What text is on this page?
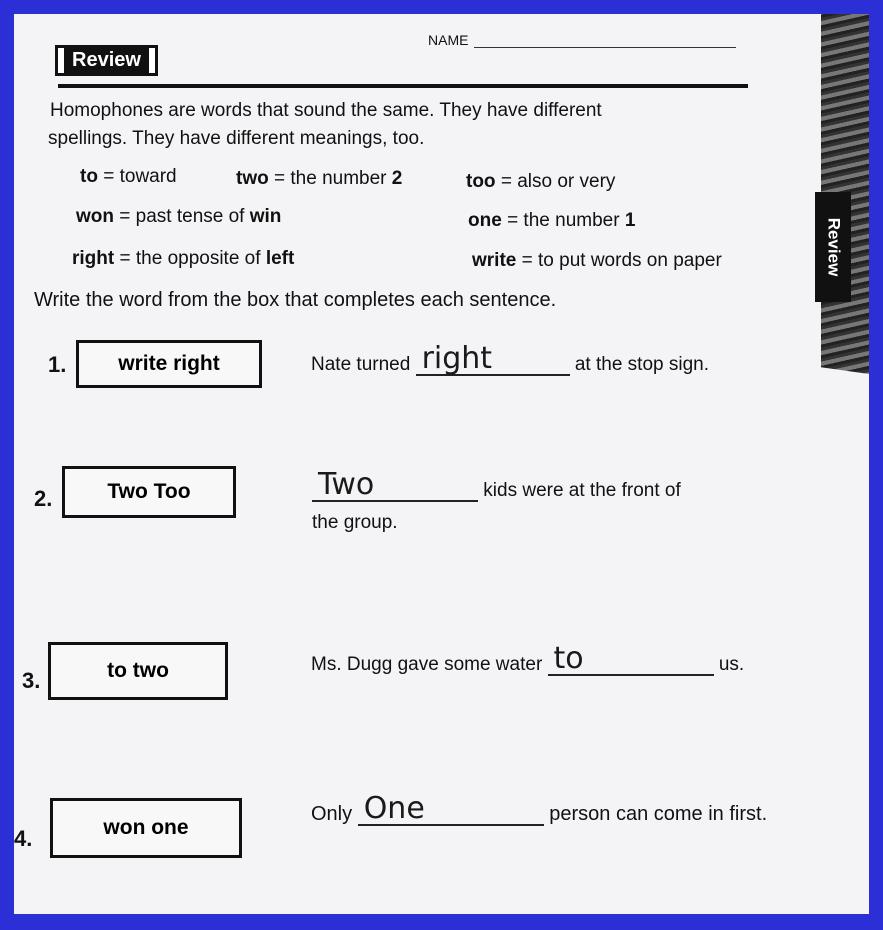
Review
Review
NAME
Homophones are words that sound the same. They have different
spellings. They have different meanings, too.
to = toward	two = the number 2	too = also or very
won = past tense of win	one = the number 1
right = the opposite of left	write = to put words on paper
Write the word from the box that completes each sentence.
1.	write right	Nate turned right	at the stop sign.
2.	Two Too	Two	kids were at the front of
the group.
3.	to two	Ms. Dugg gave some water to	us.
4.	won one
Only One	person can come in first.
